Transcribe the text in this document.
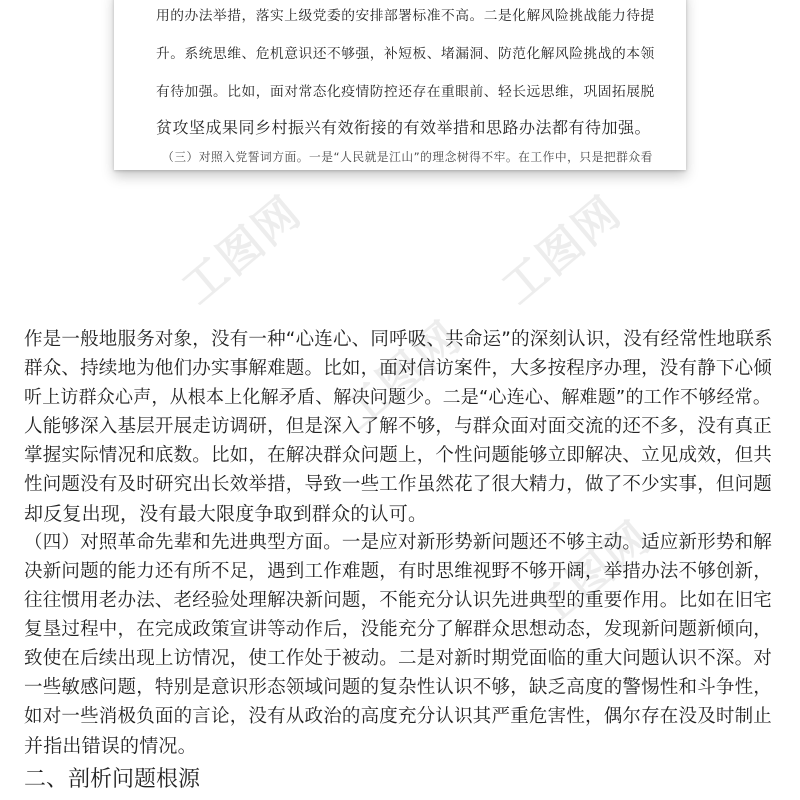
工图网	工图网
工图网
工图网
用的办法举措，落实上级党委的安排部署标准不高。二是化解风险挑战能力待提
升。系统思维、危机意识还不够强，补短板、堵漏洞、防范化解风险挑战的本领
有待加强。比如，面对常态化疫情防控还存在重眼前、轻长远思维，巩固拓展脱
贫攻坚成果同乡村振兴有效衔接的有效举措和思路办法都有待加强。
（三）对照入党誓词方面。一是“人民就是江山”的理念树得不牢。在工作中，只是把群众看
作是一般地服务对象，没有一种“心连心、同呼吸、共命运”的深刻认识，没有经常性地联系
群众、持续地为他们办实事解难题。比如，面对信访案件，大多按程序办理，没有静下心倾
听上访群众心声，从根本上化解矛盾、解决问题少。二是“心连心、解难题”的工作不够经常。
人能够深入基层开展走访调研，但是深入了解不够，与群众面对面交流的还不多，没有真正
掌握实际情况和底数。比如，在解决群众问题上，个性问题能够立即解决、立见成效，但共
性问题没有及时研究出长效举措，导致一些工作虽然花了很大精力，做了不少实事，但问题
却反复出现，没有最大限度争取到群众的认可。
（四）对照革命先辈和先进典型方面。一是应对新形势新问题还不够主动。适应新形势和解
决新问题的能力还有所不足，遇到工作难题，有时思维视野不够开阔，举措办法不够创新，
往往惯用老办法、老经验处理解决新问题，不能充分认识先进典型的重要作用。比如在旧宅
复垦过程中，在完成政策宣讲等动作后，没能充分了解群众思想动态，发现新问题新倾向，
致使在后续出现上访情况，使工作处于被动。二是对新时期党面临的重大问题认识不深。对
一些敏感问题，特别是意识形态领域问题的复杂性认识不够，缺乏高度的警惕性和斗争性，
如对一些消极负面的言论，没有从政治的高度充分认识其严重危害性，偶尔存在没及时制止
并指出错误的情况。
二、剖析问题根源
